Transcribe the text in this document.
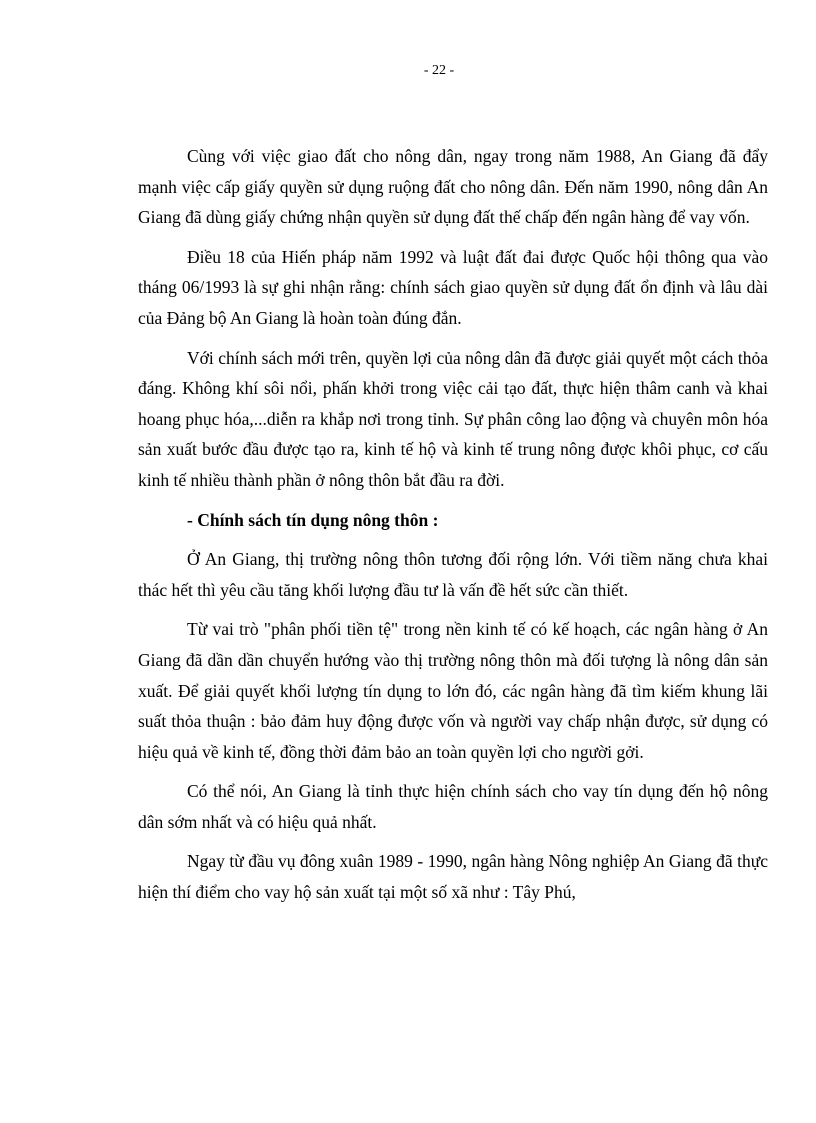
- 22 -

Cùng với việc giao đất cho nông dân, ngay trong năm 1988, An Giang đã đẩy mạnh việc cấp giấy quyền sử dụng ruộng đất cho nông dân. Đến năm 1990, nông dân An Giang đã dùng giấy chứng nhận quyền sử dụng đất thế chấp đến ngân hàng để vay vốn.

Điều 18 của Hiến pháp năm 1992 và luật đất đai được Quốc hội thông qua vào tháng 06/1993 là sự ghi nhận rằng: chính sách giao quyền sử dụng đất ổn định và lâu dài của Đảng bộ An Giang là hoàn toàn đúng đắn.

Với chính sách mới trên, quyền lợi của nông dân đã được giải quyết một cách thỏa đáng. Không khí sôi nổi, phấn khởi trong việc cải tạo đất, thực hiện thâm canh và khai hoang phục hóa,...diễn ra khắp nơi trong tỉnh. Sự phân công lao động và chuyên môn hóa sản xuất bước đầu được tạo ra, kinh tế hộ và kinh tế trung nông được khôi phục, cơ cấu kinh tế nhiều thành phần ở nông thôn bắt đầu ra đời.

- Chính sách tín dụng nông thôn :

Ở An Giang, thị trường nông thôn tương đối rộng lớn. Với tiềm năng chưa khai thác hết thì yêu cầu tăng khối lượng đầu tư là vấn đề hết sức cần thiết.

Từ vai trò "phân phối tiền tệ" trong nền kinh tế có kế hoạch, các ngân hàng ở An Giang đã dần dần chuyển hướng vào thị trường nông thôn mà đối tượng là nông dân sản xuất. Để giải quyết khối lượng tín dụng to lớn đó, các ngân hàng đã tìm kiếm khung lãi suất thỏa thuận : bảo đảm huy động được vốn và người vay chấp nhận được, sử dụng có hiệu quả về kinh tế, đồng thời đảm bảo an toàn quyền lợi cho người gởi.

Có thể nói, An Giang là tỉnh thực hiện chính sách cho vay tín dụng đến hộ nông dân sớm nhất và có hiệu quả nhất.

Ngay từ đầu vụ đông xuân 1989 - 1990, ngân hàng Nông nghiệp An Giang đã thực hiện thí điểm cho vay hộ sản xuất tại một số xã như : Tây Phú,
